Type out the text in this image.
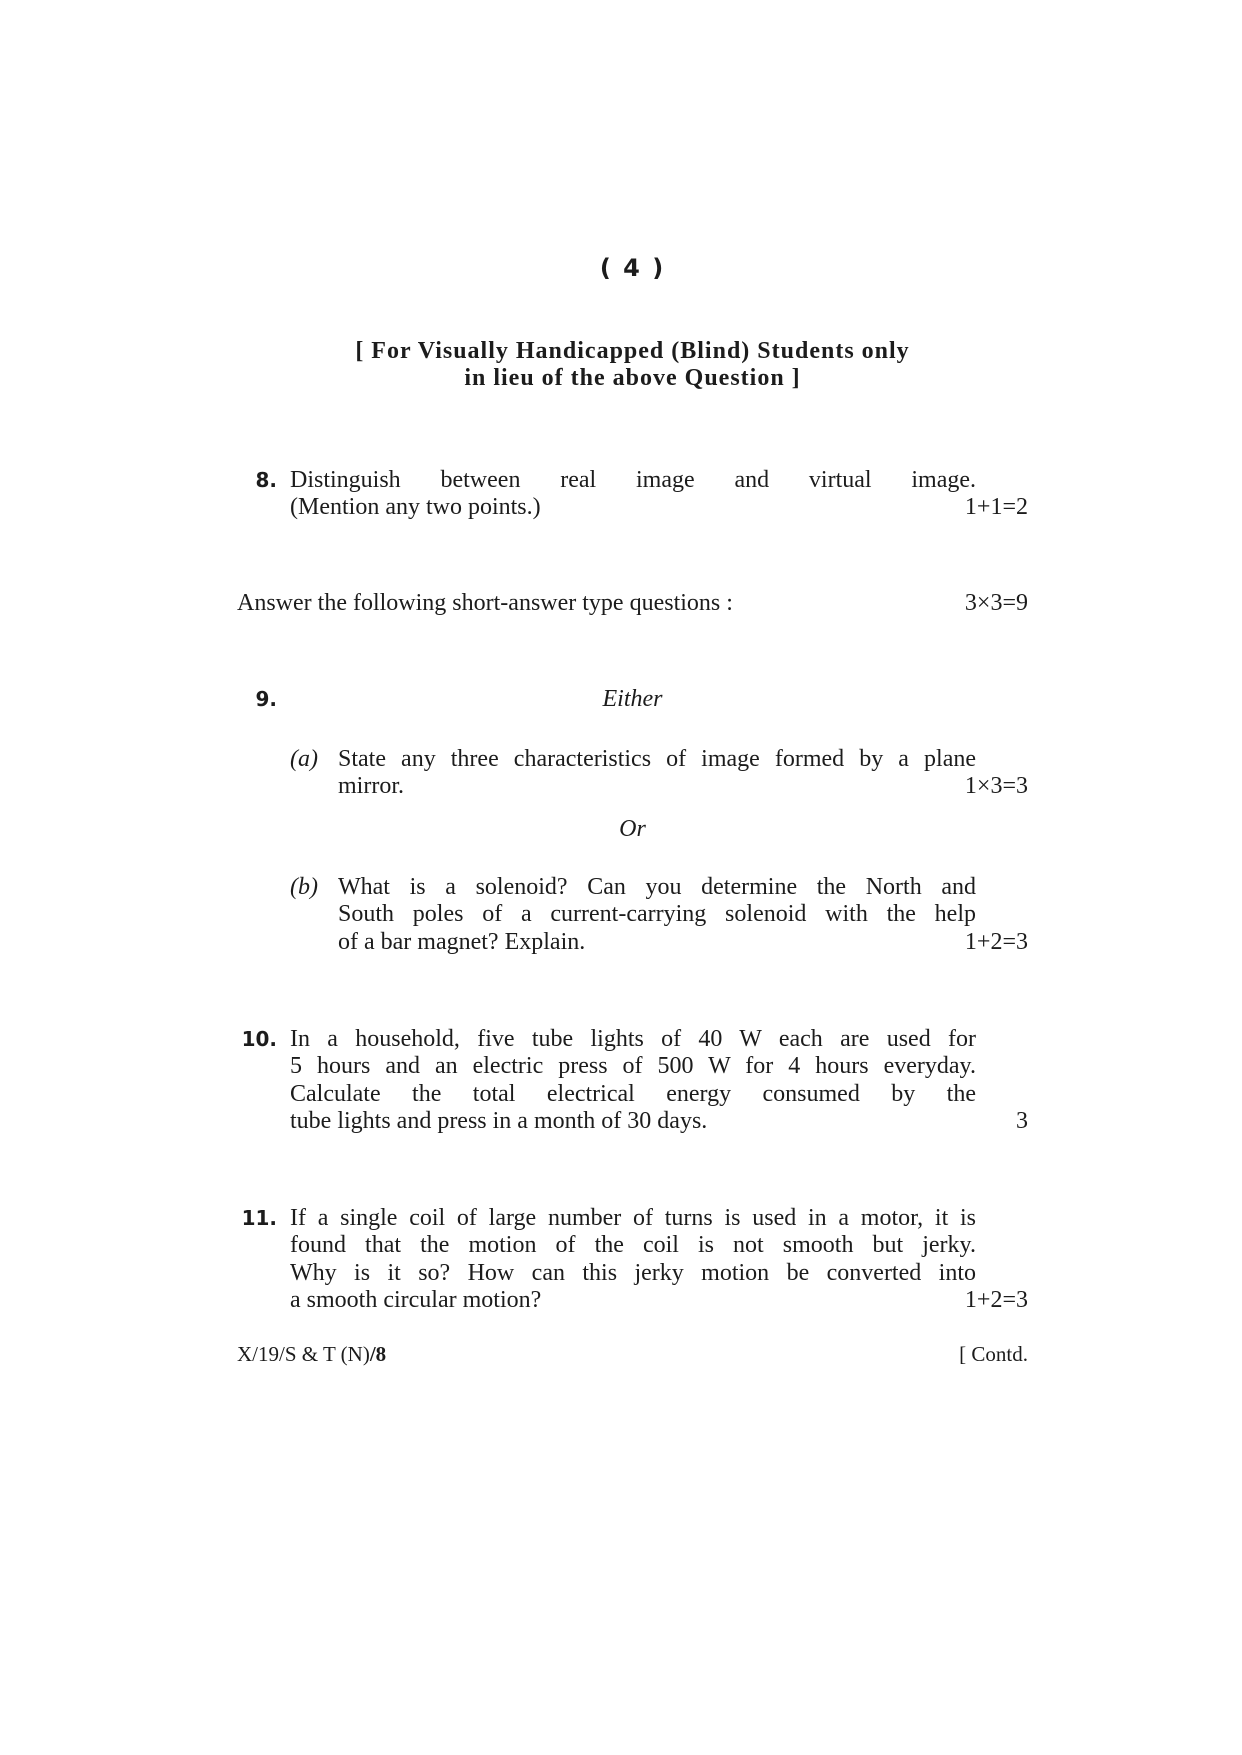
( 4 )
[ For Visually Handicapped (Blind) Students only
in lieu of the above Question ]
8. Distinguish between real image and virtual image.
(Mention any two points.)	1+1=2
Answer the following short-answer type questions :	3×3=9
9.	Either
(a) State any three characteristics of image formed by a plane
mirror.	1×3=3
Or
(b) What is a solenoid? Can you determine the North and
South poles of a current-carrying solenoid with the help
of a bar magnet? Explain.	1+2=3
10. In a household, five tube lights of 40 W each are used for
5 hours and an electric press of 500 W for 4 hours everyday.
Calculate the total electrical energy consumed by the
tube lights and press in a month of 30 days.	3
11. If a single coil of large number of turns is used in a motor, it is
found that the motion of the coil is not smooth but jerky.
Why is it so? How can this jerky motion be converted into
a smooth circular motion?	1+2=3
X/19/S & T (N)/8	[ Contd.
